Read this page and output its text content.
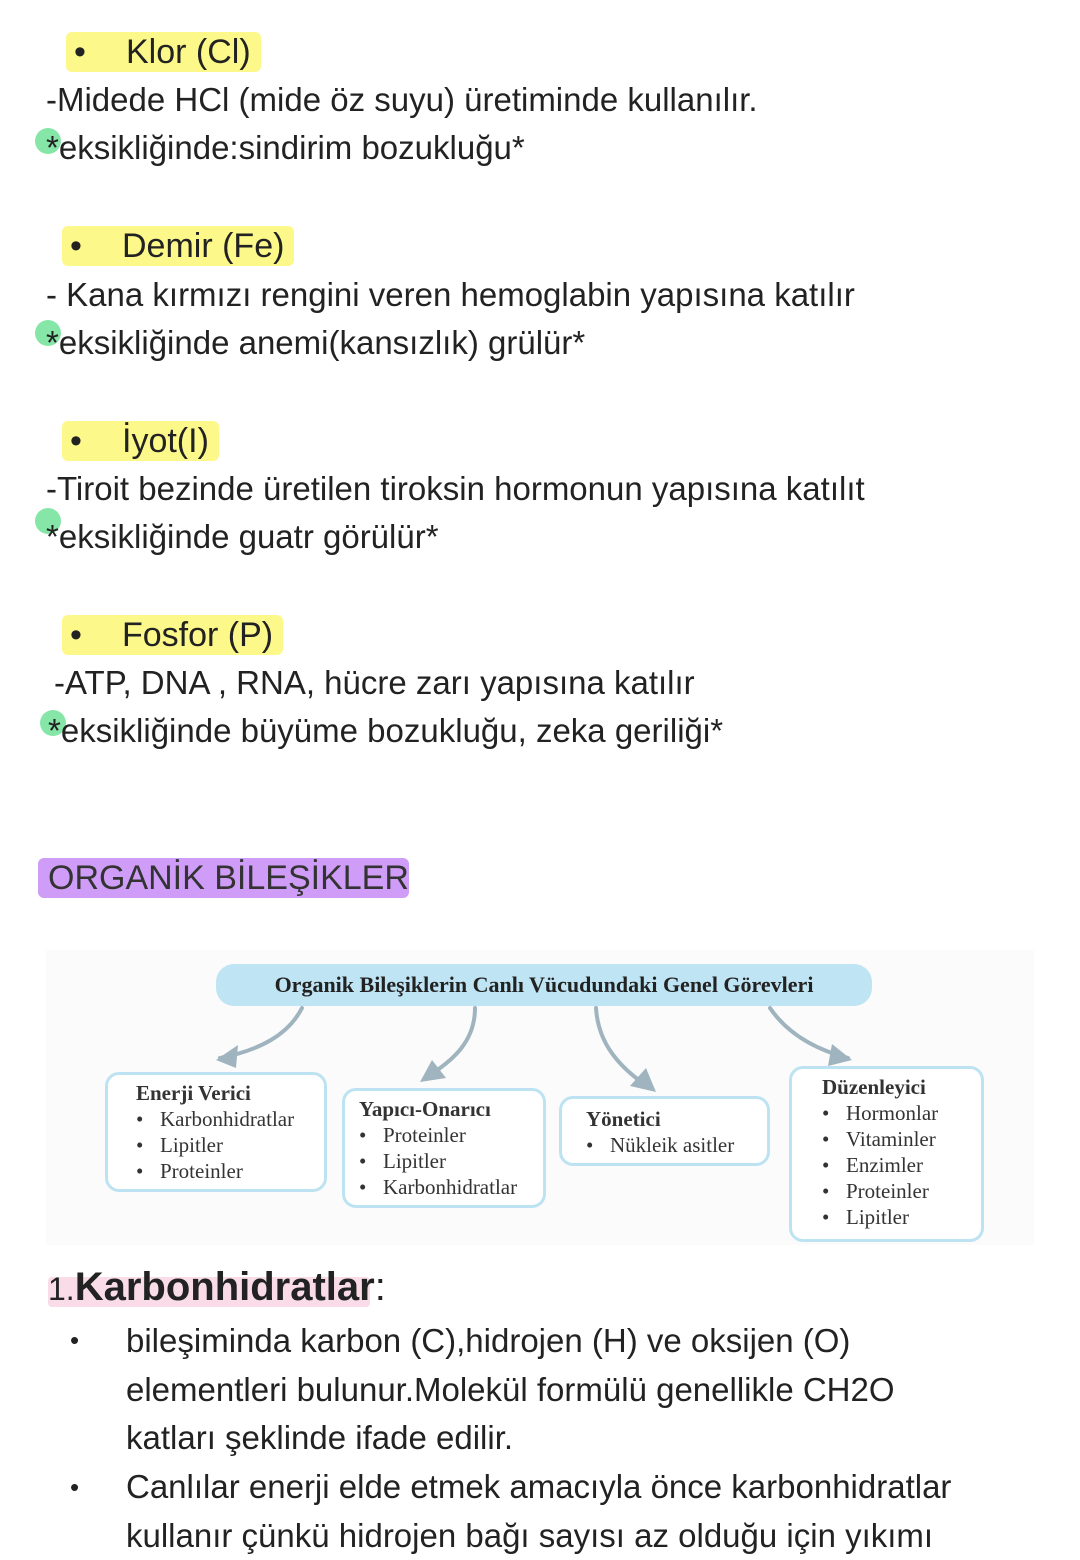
• Klor (Cl)
-Midede HCl (mide öz suyu) üretiminde kullanılır.
*eksikliğinde:sindirim bozukluğu*
• Demir (Fe)
- Kana kırmızı rengini veren hemoglabin yapısına katılır
*eksikliğinde anemi(kansızlık) grülür*
• İyot(I)
-Tiroit bezinde üretilen tiroksin hormonun yapısına katılıt
*eksikliğinde guatr görülür*
• Fosfor (P)
-ATP, DNA , RNA, hücre zarı yapısına katılır
*eksikliğinde büyüme bozukluğu, zeka geriliği*
ORGANİK BİLEŞİKLER
Organik Bileşiklerin Canlı Vücudundaki Genel Görevleri
Enerji Verici
• Karbonhidratlar
• Lipitler
• Proteinler
Yapıcı-Onarıcı
• Proteinler
• Lipitler
• Karbonhidratlar
Yönetici
• Nükleik asitler
Düzenleyici
• Hormonlar
• Vitaminler
• Enzimler
• Proteinler
• Lipitler
1.Karbonhidratlar:
• bileşiminda karbon (C),hidrojen (H) ve oksijen (O)
elementleri bulunur.Molekül formülü genellikle CH2O
katları şeklinde ifade edilir.
• Canlılar enerji elde etmek amacıyla önce karbonhidratlar
kullanır çünkü hidrojen bağı sayısı az olduğu için yıkımı
